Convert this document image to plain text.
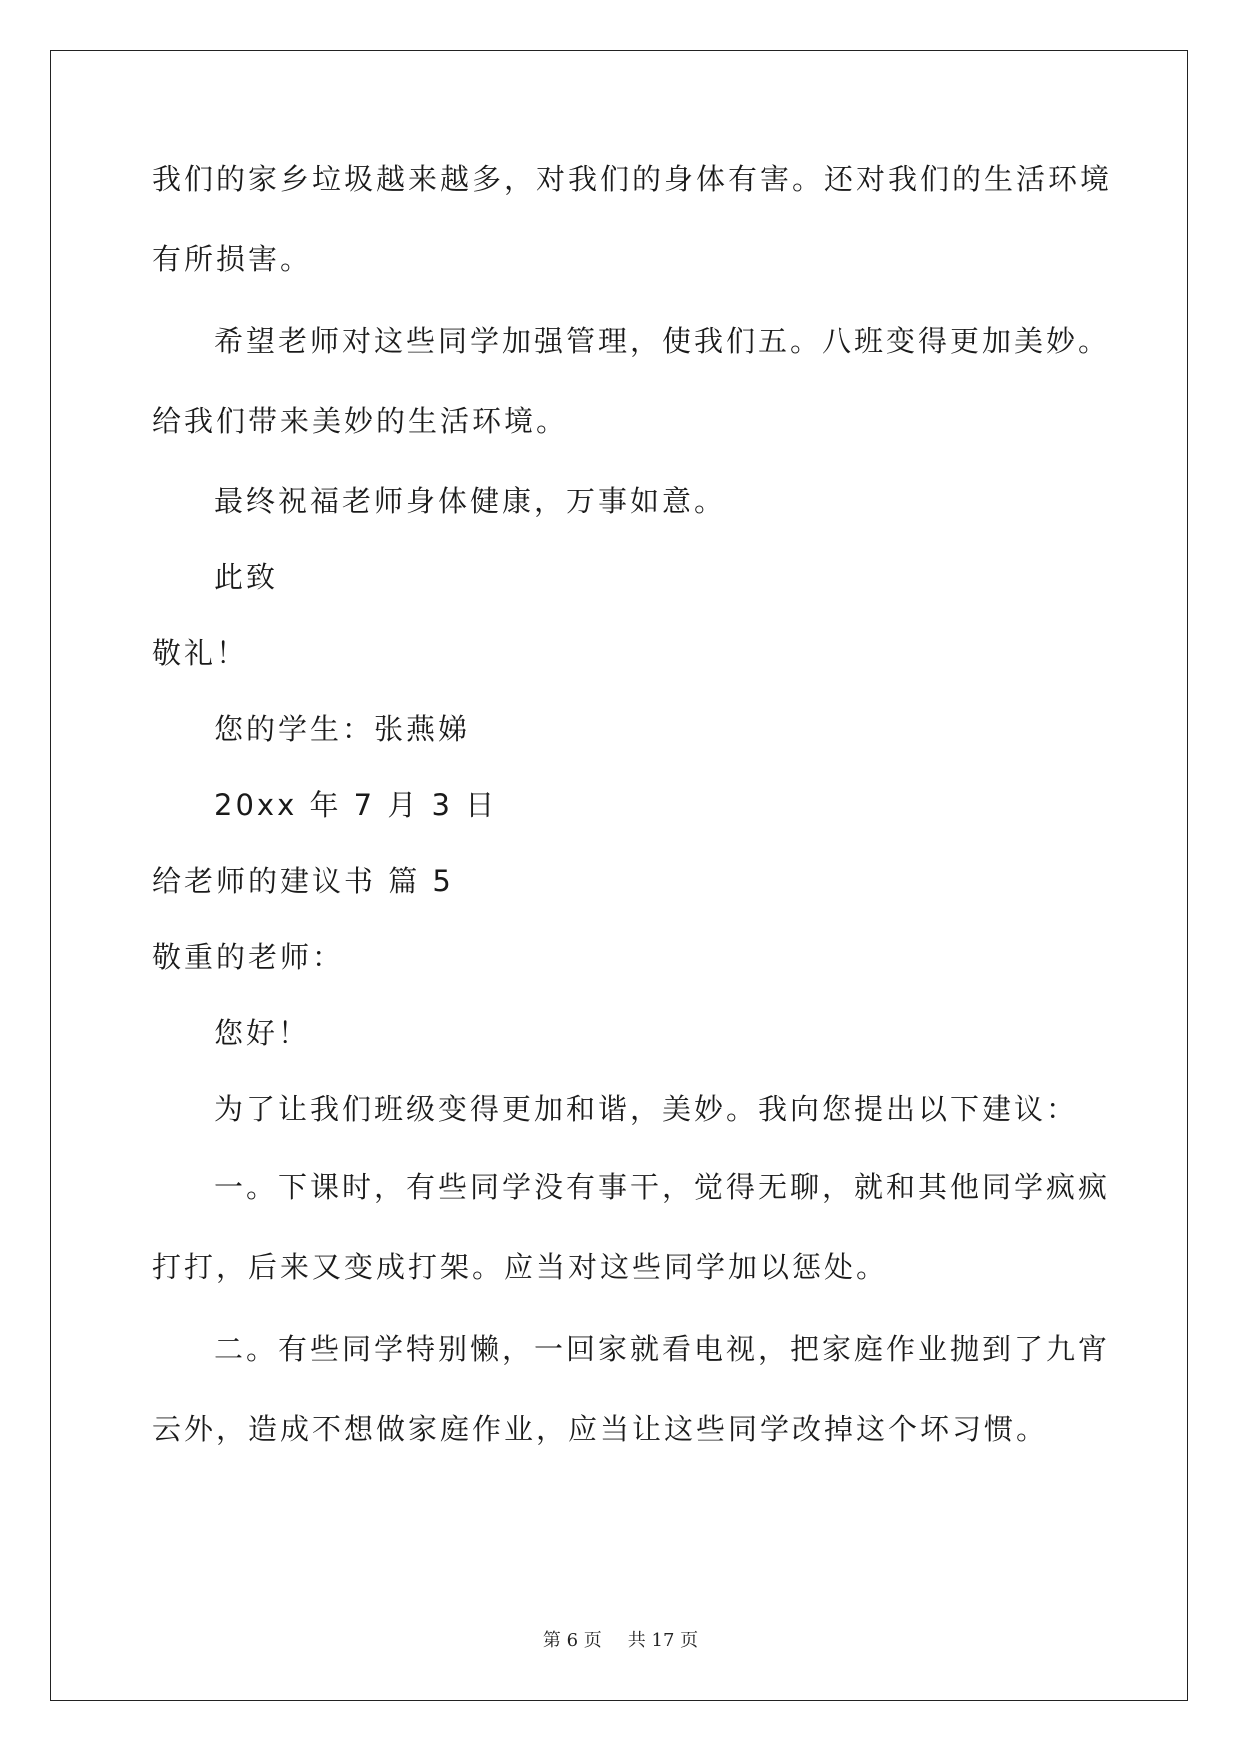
我们的家乡垃圾越来越多，对我们的身体有害。还对我们的生活环境
有所损害。
希望老师对这些同学加强管理，使我们五。八班变得更加美妙。
给我们带来美妙的生活环境。
最终祝福老师身体健康，万事如意。
此致
敬礼！
您的学生：张燕娣
20xx 年 7 月 3 日
给老师的建议书 篇 5
敬重的老师：
您好！
为了让我们班级变得更加和谐，美妙。我向您提出以下建议：
一。下课时，有些同学没有事干，觉得无聊，就和其他同学疯疯
打打，后来又变成打架。应当对这些同学加以惩处。
二。有些同学特别懒，一回家就看电视，把家庭作业抛到了九宵
云外，造成不想做家庭作业，应当让这些同学改掉这个坏习惯。
第 6 页 共 17 页
